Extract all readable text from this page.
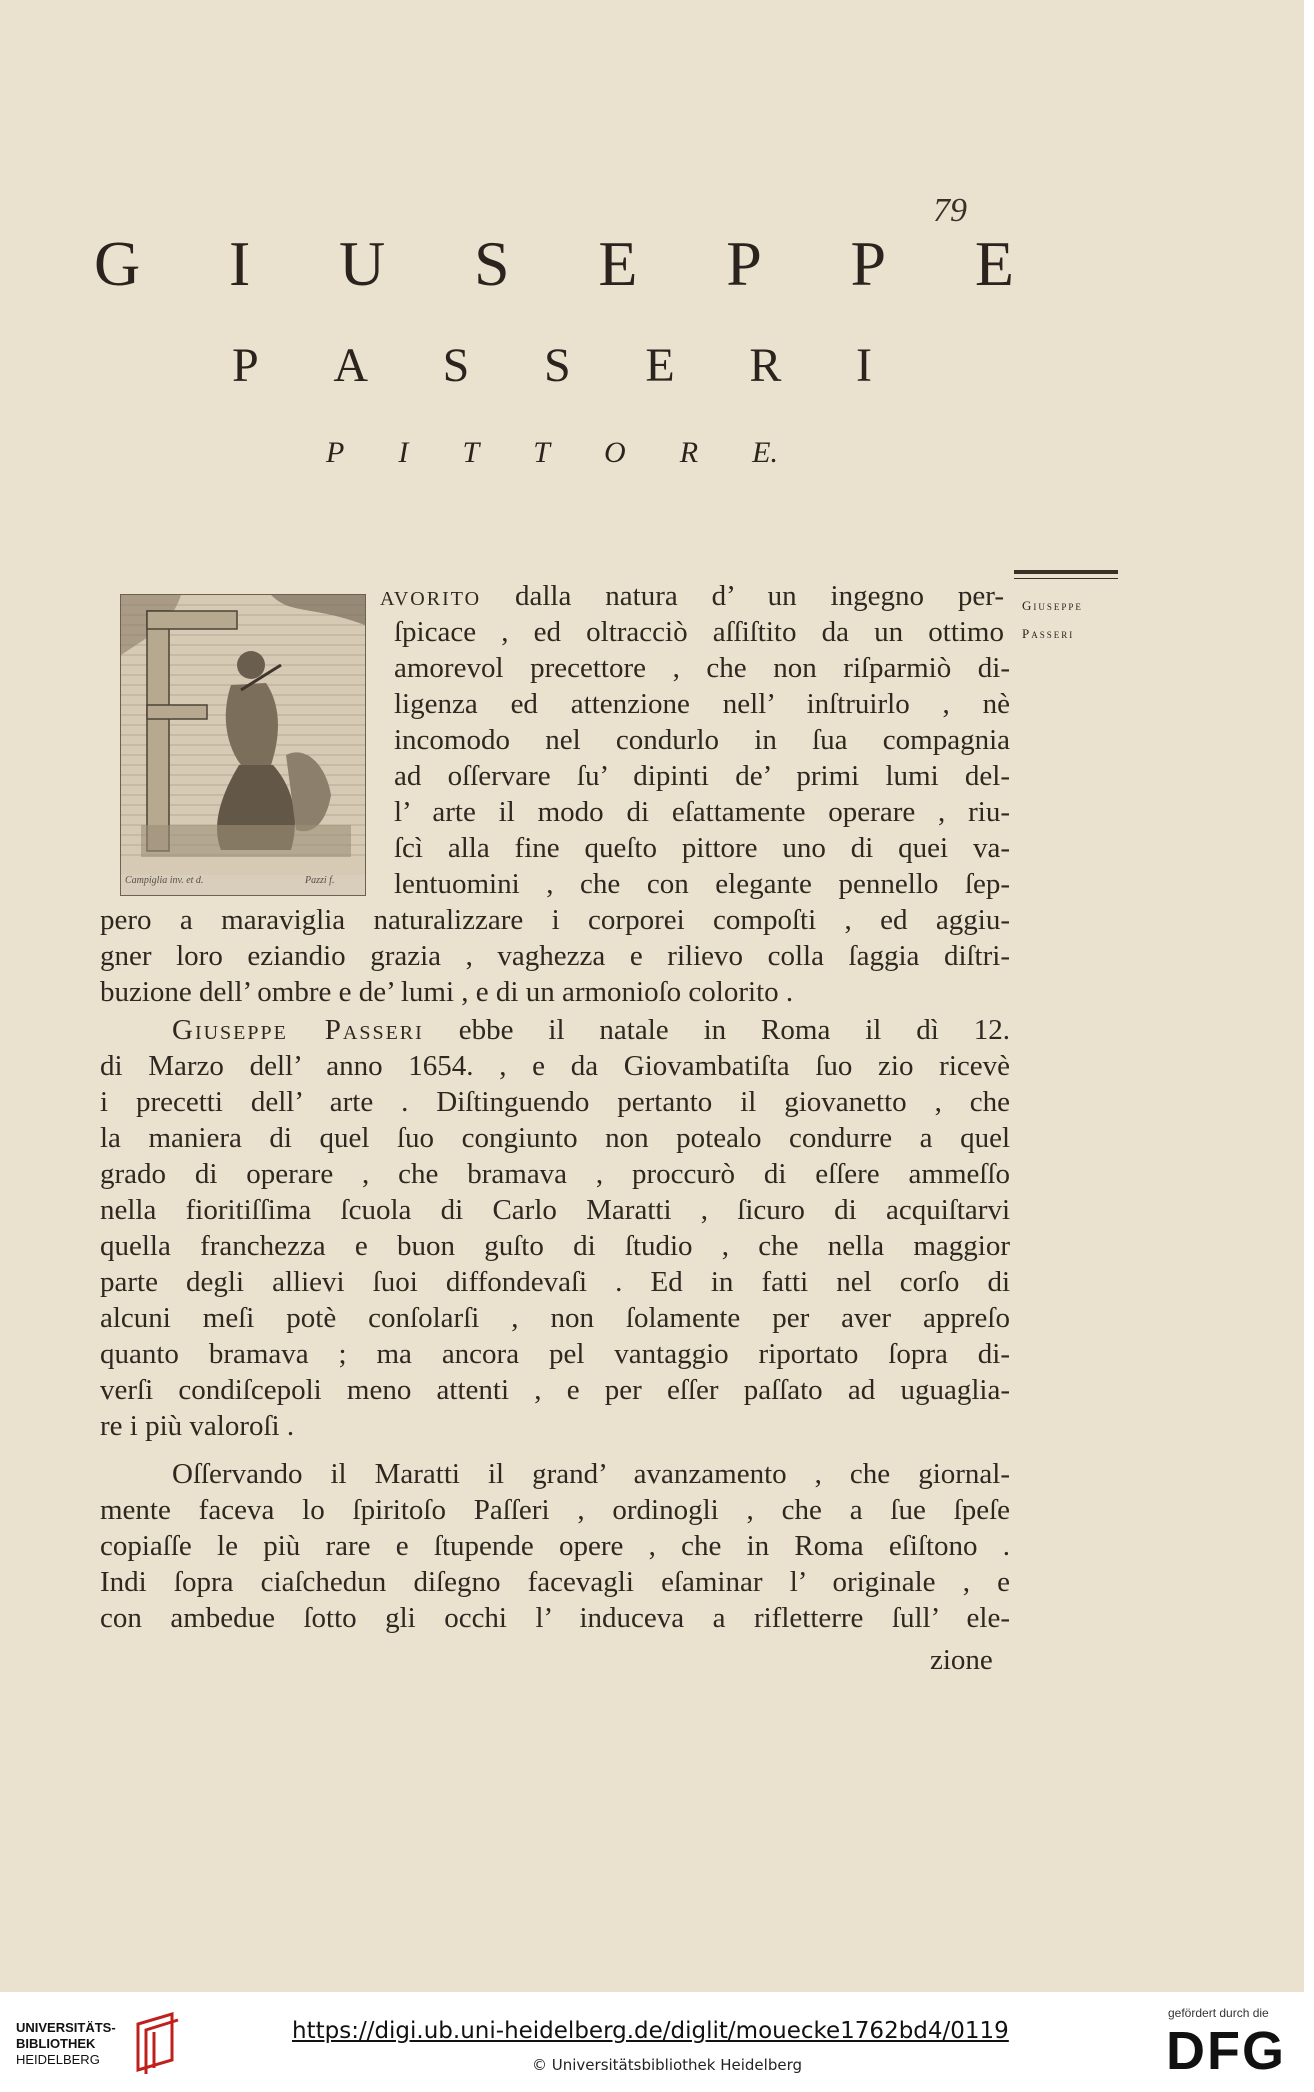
79
G I U S E P P E
P A S S E R I
P I T T O R E.
Giuseppe
Passeri
Campiglia inv. et d.	Pazzi f.
avorito dalla natura d’ un ingegno per-
ſpicace , ed oltracciò aſſiſtito da un ottimo
amorevol precettore , che non riſparmiò di-
ligenza ed attenzione nell’ inſtruirlo , nè
incomodo nel condurlo in ſua compagnia
ad oſſervare ſu’ dipinti de’ primi lumi del-
l’ arte il modo di eſattamente operare , riu-
ſcì alla fine queſto pittore uno di quei va-
lentuomini , che con elegante pennello ſep-
pero a maraviglia naturalizzare i corporei compoſti , ed aggiu-
gner loro eziandio grazia , vaghezza e rilievo colla ſaggia diſtri-
buzione dell’ ombre e de’ lumi , e di un armonioſo colorito .
Giuseppe Passeri ebbe il natale in Roma il dì 12.
di Marzo dell’ anno 1654. , e da Giovambatiſta ſuo zio ricevè
i precetti dell’ arte . Diſtinguendo pertanto il giovanetto , che
la maniera di quel ſuo congiunto non potealo condurre a quel
grado di operare , che bramava , proccurò di eſſere ammeſſo
nella fioritiſſima ſcuola di Carlo Maratti , ſicuro di acquiſtarvi
quella franchezza e buon guſto di ſtudio , che nella maggior
parte degli allievi ſuoi diffondevaſi . Ed in fatti nel corſo di
alcuni meſi potè conſolarſi , non ſolamente per aver appreſo
quanto bramava ; ma ancora pel vantaggio riportato ſopra di-
verſi condiſcepoli meno attenti , e per eſſer paſſato ad uguaglia-
re i più valoroſi .
Oſſervando il Maratti il grand’ avanzamento , che giornal-
mente faceva lo ſpiritoſo Paſſeri , ordinogli , che a ſue ſpeſe
copiaſſe le più rare e ſtupende opere , che in Roma eſiſtono .
Indi ſopra ciaſchedun diſegno facevagli eſaminar l’ originale , e
con ambedue ſotto gli occhi l’ induceva a rifletterre ſull’ ele-
zione
UNIVERSITÄTS-
BIBLIOTHEK
HEIDELBERG
https://digi.ub.uni-heidelberg.de/diglit/mouecke1762bd4/0119
© Universitätsbibliothek Heidelberg
gefördert durch die
DFG
